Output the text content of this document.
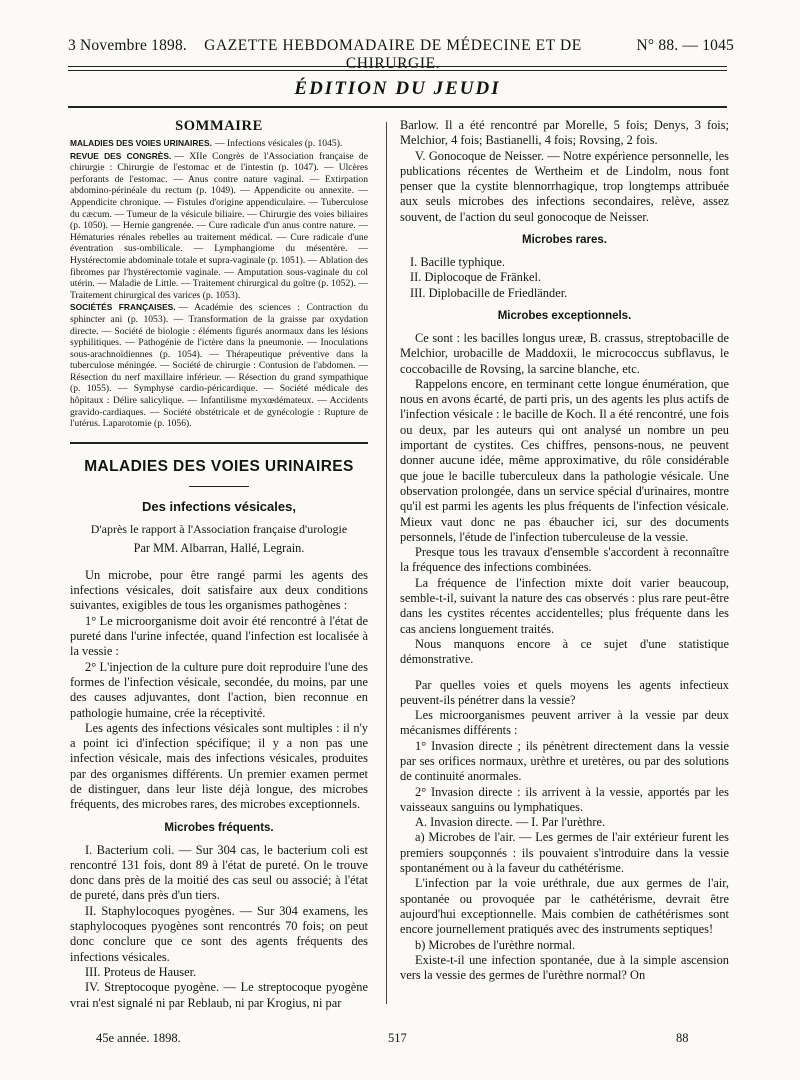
3 Novembre 1898.	GAZETTE HEBDOMADAIRE DE MÉDECINE ET DE CHIRURGIE.
N° 88. — 1045
ÉDITION DU JEUDI
SOMMAIRE

MALADIES DES VOIES URINAIRES. — Infections vésicales (p. 1045).

REVUE DES CONGRÈS. — XIIe Congrès de l'Association française de chirurgie : Chirurgie de l'estomac et de l'intestin (p. 1047). — Ulcères perforants de l'estomac. — Anus contre nature vaginal. — Extirpation abdomino-périnéale du rectum (p. 1049). — Appendicite ou annexite. — Appendicite chronique. — Fistules d'origine appendiculaire. — Tuberculose du cæcum. — Tumeur de la vésicule biliaire. — Chirurgie des voies biliaires (p. 1050). — Hernie gangrenée. — Cure radicale d'un anus contre nature. — Hématuries rénales rebelles au traitement médical. — Cure radicale d'une éventration sus-ombilicale. — Lymphangiome du mésentère. — Hystérectomie abdominale totale et supra-vaginale (p. 1051). — Ablation des fibromes par l'hystérectomie vaginale. — Amputation sous-vaginale du col utérin. — Maladie de Little. — Traitement chirurgical du goître (p. 1052). — Traitement chirurgical des varices (p. 1053).

SOCIÉTÉS FRANÇAISES. — Académie des sciences : Contraction du sphincter ani (p. 1053). — Transformation de la graisse par oxydation directe. — Société de biologie : éléments figurés anormaux dans les lésions syphilitiques. — Pathogénie de l'ictère dans la pneumonie. — Inoculations sous-arachnoïdiennes (p. 1054). — Thérapeutique préventive dans la tuberculose méningée. — Société de chirurgie : Contusion de l'abdomen. — Résection du nerf maxillaire inférieur. — Résection du grand sympathique (p. 1055). — Symphyse cardio-péricardique. — Société médicale des hôpitaux : Délire salicylique. — Infantilisme myxœdémateux. — Accidents gravido-cardiaques. — Société obstétricale et de gynécologie : Rupture de l'utérus. Laparotomie (p. 1056).

MALADIES DES VOIES URINAIRES
Des infections vésicales,
D'après le rapport à l'Association française d'urologie
Par MM. Albarran, Hallé, Legrain.

Un microbe, pour être rangé parmi les agents des infections vésicales, doit satisfaire aux deux conditions suivantes, exigibles de tous les organismes pathogènes :

1° Le microorganisme doit avoir été rencontré à l'état de pureté dans l'urine infectée, quand l'infection est localisée à la vessie :

2° L'injection de la culture pure doit reproduire l'une des formes de l'infection vésicale, secondée, du moins, par une des causes adjuvantes, dont l'action, bien reconnue en pathologie humaine, crée la réceptivité.

Les agents des infections vésicales sont multiples : il n'y a point ici d'infection spécifique; il y a non pas une infection vésicale, mais des infections vésicales, produites par des organismes différents. Un premier examen permet de distinguer, dans leur liste déjà longue, des microbes fréquents, des microbes rares, des microbes exceptionnels.

Microbes fréquents.

I. Bacterium coli. — Sur 304 cas, le bacterium coli est rencontré 131 fois, dont 89 à l'état de pureté. On le trouve donc dans près de la moitié des cas seul ou associé; à l'état de pureté, dans près d'un tiers.

II. Staphylocoques pyogènes. — Sur 304 examens, les staphylocoques pyogènes sont rencontrés 70 fois; on peut donc conclure que ce sont des agents fréquents des infections vésicales.

III. Proteus de Hauser.

IV. Streptocoque pyogène. — Le streptocoque pyogène vrai n'est signalé ni par Reblaub, ni par Krogius, ni par

Barlow. Il a été rencontré par Morelle, 5 fois; Denys, 3 fois; Melchior, 4 fois; Bastianelli, 4 fois; Rovsing, 2 fois.

V. Gonocoque de Neisser. — Notre expérience personnelle, les publications récentes de Wertheim et de Lindolm, nous font penser que la cystite blennorrhagique, trop longtemps attribuée aux seuls microbes des infections secondaires, relève, assez souvent, de l'action du seul gonocoque de Neisser.

Microbes rares.
I. Bacille typhique.
II. Diplocoque de Fränkel.
III. Diplobacille de Friedländer.
Microbes exceptionnels.

Ce sont : les bacilles longus ureæ, B. crassus, streptobacille de Melchior, urobacille de Maddoxii, le micrococcus subflavus, le coccobacille de Rovsing, la sarcine blanche, etc.

Rappelons encore, en terminant cette longue énumération, que nous en avons écarté, de parti pris, un des agents les plus actifs de l'infection vésicale : le bacille de Koch. Il a été rencontré, une fois ou deux, par les auteurs qui ont analysé un nombre un peu important de cystites. Ces chiffres, pensons-nous, ne peuvent donner aucune idée, même approximative, du rôle considérable que joue le bacille tuberculeux dans la pathologie vésicale. Une observation prolongée, dans un service spécial d'urinaires, montre qu'il est parmi les agents les plus fréquents de l'infection vésicale. Mieux vaut donc ne pas ébaucher ici, sur des documents personnels, l'étude de l'infection tuberculeuse de la vessie.

Presque tous les travaux d'ensemble s'accordent à reconnaître la fréquence des infections combinées.

La fréquence de l'infection mixte doit varier beaucoup, semble-t-il, suivant la nature des cas observés : plus rare peut-être dans les cystites récentes accidentelles; plus fréquente dans les cas anciens longuement traités.

Nous manquons encore à ce sujet d'une statistique démonstrative.

Par quelles voies et quels moyens les agents infectieux peuvent-ils pénétrer dans la vessie?

Les microorganismes peuvent arriver à la vessie par deux mécanismes différents :

1° Invasion directe ; ils pénètrent directement dans la vessie par ses orifices normaux, urèthre et uretères, ou par des solutions de continuité anormales.

2° Invasion directe : ils arrivent à la vessie, apportés par les vaisseaux sanguins ou lymphatiques.

A. Invasion directe. — I. Par l'urèthre.

a) Microbes de l'air. — Les germes de l'air extérieur furent les premiers soupçonnés : ils pouvaient s'introduire dans la vessie spontanément ou à la faveur du cathétérisme.

L'infection par la voie uréthrale, due aux germes de l'air, spontanée ou provoquée par le cathétérisme, devrait être aujourd'hui exceptionnelle. Mais combien de cathétérismes sont encore journellement pratiqués avec des instruments septiques!

b) Microbes de l'urèthre normal.

Existe-t-il une infection spontanée, due à la simple ascension vers la vessie des germes de l'urèthre normal? On

45e année. 1898.	517	88
